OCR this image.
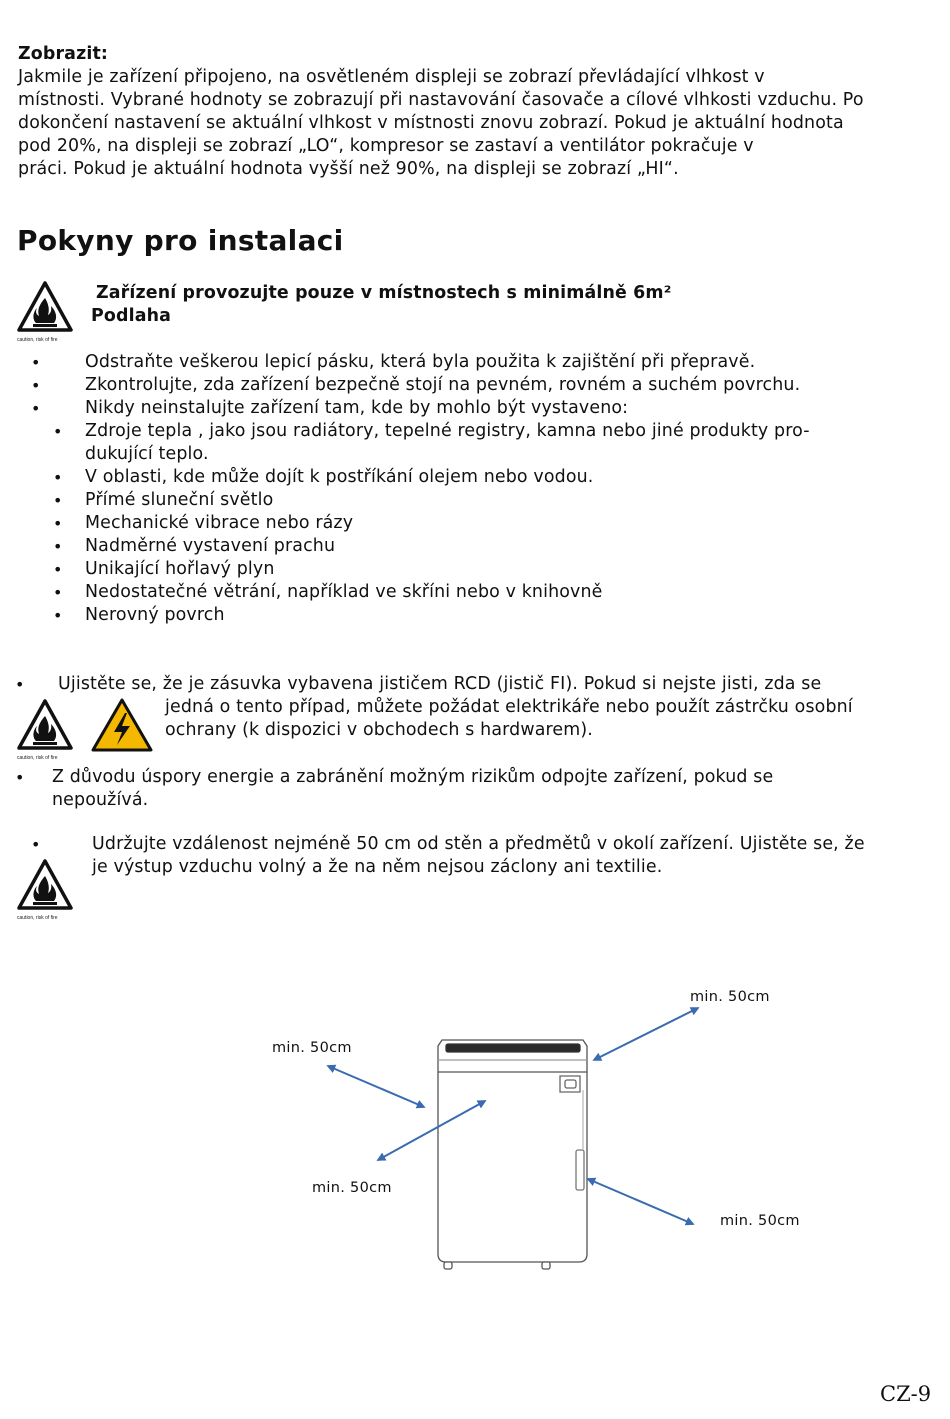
Zobrazit:
Jakmile je zařízení připojeno, na osvětleném displeji se zobrazí převládající vlhkost v
místnosti. Vybrané hodnoty se zobrazují při nastavování časovače a cílové vlhkosti vzduchu. Po
dokončení nastavení se aktuální vlhkost v místnosti znovu zobrazí. Pokud je aktuální hodnota
pod 20%, na displeji se zobrazí „LO“, kompresor se zastaví a ventilátor pokračuje v
práci. Pokud je aktuální hodnota vyšší než 90%, na displeji se zobrazí „HI“.
Pokyny pro instalaci
caution, risk of fire
Zařízení provozujte pouze v místnostech s minimálně 6m²
Podlaha
•	Odstraňte veškerou lepicí pásku, která byla použita k zajištění při přepravě.
•	Zkontrolujte, zda zařízení bezpečně stojí na pevném, rovném a suchém povrchu.
•	Nikdy neinstalujte zařízení tam, kde by mohlo být vystaveno:
• Zdroje tepla , jako jsou radiátory, tepelné registry, kamna nebo jiné produkty pro-
dukující teplo.
• V oblasti, kde může dojít k postříkání olejem nebo vodou.
• Přímé sluneční světlo
• Mechanické vibrace nebo rázy
• Nadměrné vystavení prachu
• Unikající hořlavý plyn
• Nedostatečné větrání, například ve skříni nebo v knihovně
• Nerovný povrch
• Ujistěte se, že je zásuvka vybavena jističem RCD (jistič FI). Pokud si nejste jisti, zda se
jedná o tento případ, můžete požádat elektrikáře nebo použít zástrčku osobní
ochrany (k dispozici v obchodech s hardwarem).
caution, risk of fire
• Z důvodu úspory energie a zabránění možným rizikům odpojte zařízení, pokud se
nepoužívá.
•	Udržujte vzdálenost nejméně 50 cm od stěn a předmětů v okolí zařízení. Ujistěte se, že
je výstup vzduchu volný a že na něm nejsou záclony ani textilie.
caution, risk of fire
min. 50cm
min. 50cm
min. 50cm
min. 50cm
CZ-9
